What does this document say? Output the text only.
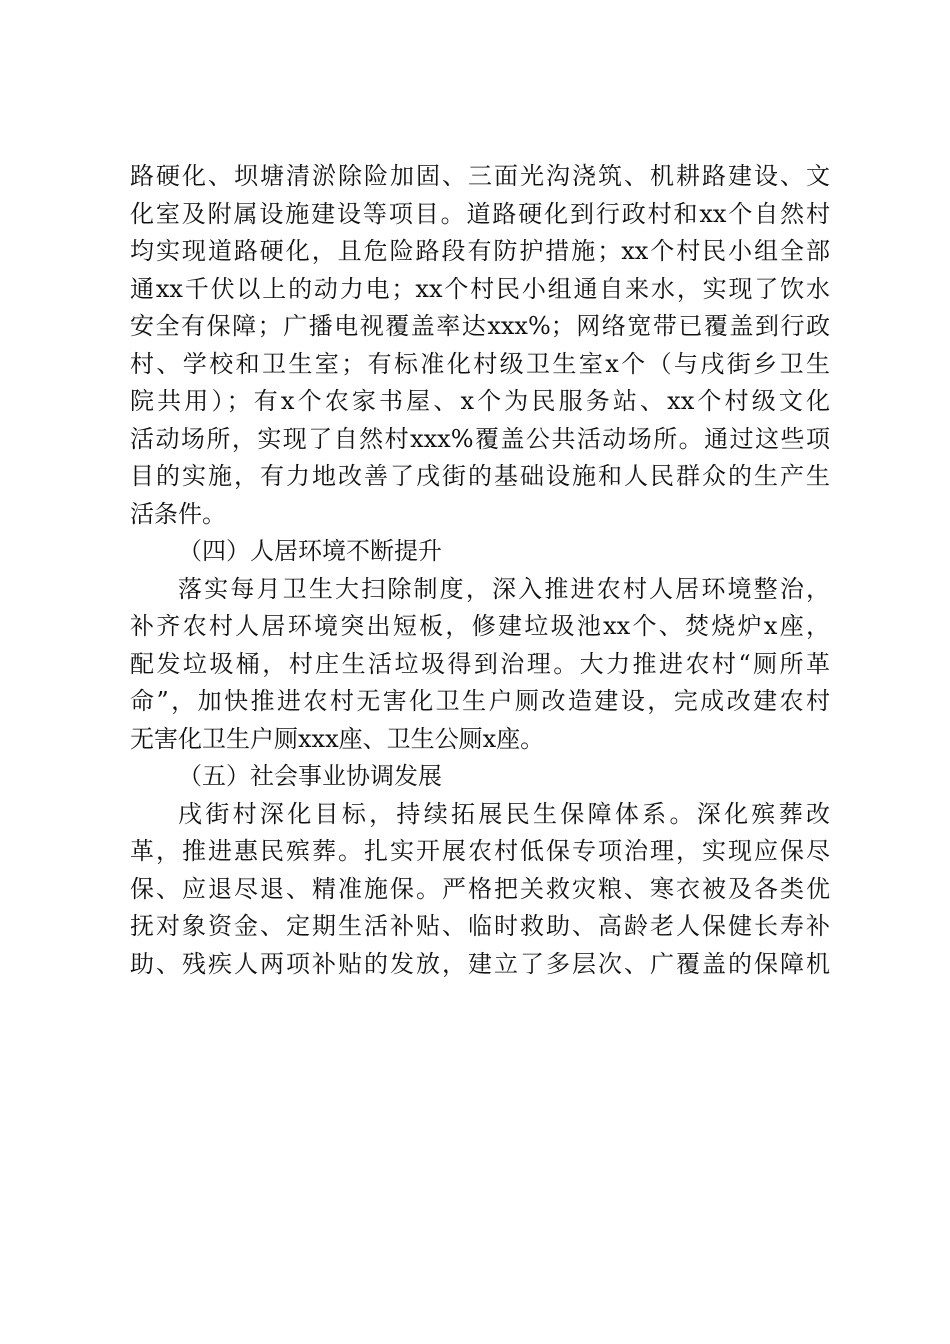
路硬化、坝塘清淤除险加固、三面光沟浇筑、机耕路建设、文
化室及附属设施建设等项目。道路硬化到行政村和xx个自然村
均实现道路硬化，且危险路段有防护措施；xx个村民小组全部
通xx千伏以上的动力电；xx个村民小组通自来水，实现了饮水
安全有保障；广播电视覆盖率达xxx%；网络宽带已覆盖到行政
村、学校和卫生室；有标准化村级卫生室x个（与戌街乡卫生
院共用）；有x个农家书屋、x个为民服务站、xx个村级文化
活动场所，实现了自然村xxx%覆盖公共活动场所。通过这些项
目的实施，有力地改善了戌街的基础设施和人民群众的生产生
活条件。
（四）人居环境不断提升
落实每月卫生大扫除制度，深入推进农村人居环境整治，
补齐农村人居环境突出短板，修建垃圾池xx个、焚烧炉x座，
配发垃圾桶，村庄生活垃圾得到治理。大力推进农村“厕所革
命”，加快推进农村无害化卫生户厕改造建设，完成改建农村
无害化卫生户厕xxx座、卫生公厕x座。
（五）社会事业协调发展
戌街村深化目标，持续拓展民生保障体系。深化殡葬改
革，推进惠民殡葬。扎实开展农村低保专项治理，实现应保尽
保、应退尽退、精准施保。严格把关救灾粮、寒衣被及各类优
抚对象资金、定期生活补贴、临时救助、高龄老人保健长寿补
助、残疾人两项补贴的发放，建立了多层次、广覆盖的保障机
